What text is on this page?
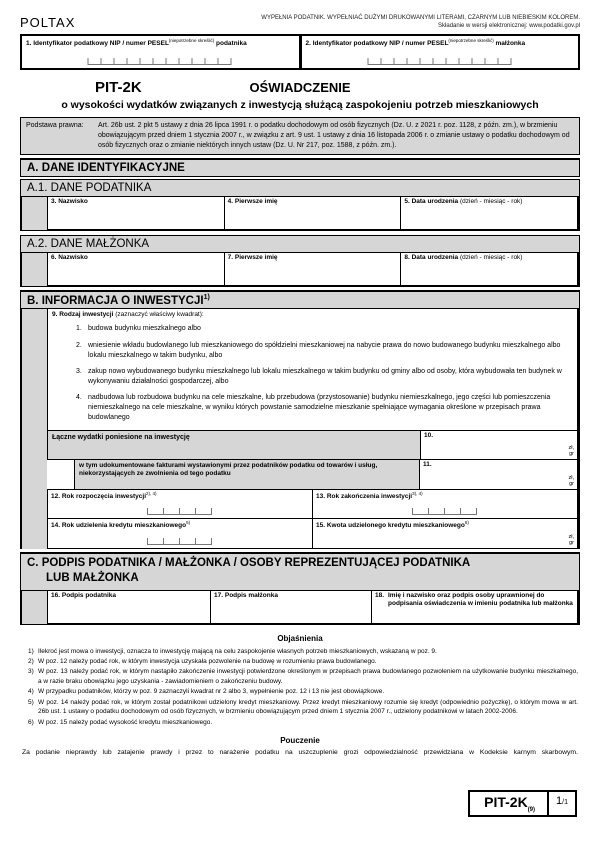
POLTAX	WYPEŁNIA PODATNIK. WYPEŁNIAĆ DUŻYMI DRUKOWANYMI LITERAMI, CZARNYM LUB NIEBIESKIM KOLOREM.
Składanie w wersji elektronicznej: www.podatki.gov.pl
1. Identyfikator podatkowy NIP / numer $PESEL^{(niepotrzebne skreślić)}$ podatnika	2. Identyfikator podatkowy NIP / numer $PESEL^{(niepotrzebne skreślić)}$ małżonka
PIT-2K	OŚWIADCZENIE
o wysokości wydatków związanych z inwestycją służącą zaspokojeniu potrzeb mieszkaniowych
Podstawa prawna:	Art. 26b ust. 2 pkt 5 ustawy z dnia 26 lipca 1991 r. o podatku dochodowym od osób fizycznych (Dz. U. z 2021 r. poz. 1128, z późn. zm.), w brzmieniu obowiązującym przed dniem 1 stycznia 2007 r., w związku z art. 9 ust. 1 ustawy z dnia 16 listopada 2006 r. o zmianie ustawy o podatku dochodowym od osób fizycznych oraz o zmianie niektórych innych ustaw (Dz. U. Nr 217, poz. 1588, z późn. zm.).
A. DANE IDENTYFIKACYJNE
A.1. DANE PODATNIKA
3. Nazwisko	4. Pierwsze imię	5. Data urodzenia (dzień - miesiąc - rok)
A.2. DANE MAŁŻONKA
6. Nazwisko	7. Pierwsze imię	8. Data urodzenia (dzień - miesiąc - rok)
B. INFORMACJA O INWESTYCJI$^{1)}$
9. Rodzaj inwestycji (zaznaczyć właściwy kwadrat):
1. budowa budynku mieszkalnego albo
2. wniesienie wkładu budowlanego lub mieszkaniowego do spółdzielni mieszkaniowej na nabycie prawa do nowo budowanego budynku mieszkalnego albo lokalu mieszkalnego w takim budynku, albo
3. zakup nowo wybudowanego budynku mieszkalnego lub lokalu mieszkalnego w takim budynku od gminy albo od osoby, która wybudowała ten budynek w wykonywaniu działalności gospodarczej, albo
4. nadbudowa lub rozbudowa budynku na cele mieszkalne, lub przebudowa (przystosowanie) budynku niemieszkalnego, jego części lub pomieszczenia niemieszkalnego na cele mieszkalne, w wyniku których powstanie samodzielne mieszkanie spełniające wymagania określone w przepisach prawa budowlanego
Łączne wydatki poniesione na inwestycję	10.
zł,
gr
w tym udokumentowane fakturami wystawionymi przez podatników podatku od towarów i usług, niekorzystających ze zwolnienia od tego podatku
11.
zł,
gr
12. Rok rozpoczęcia inwestycji$^{2), 4)}$	13. Rok zakończenia inwestycji$^{3), 4)}$
14. Rok udzielenia kredytu mieszkaniowego$^{5)}$	15. Kwota udzielonego kredytu mieszkaniowego$^{6)}$
zł,
gr
C. PODPIS PODATNIKA / MAŁŻONKA / OSOBY REPREZENTUJĄCEJ PODATNIKA
LUB MAŁŻONKA
16. Podpis podatnika	17. Podpis małżonka	18. Imię i nazwisko oraz podpis osoby uprawnionej do podpisania oświadczenia w imieniu podatnika lub małżonka
Objaśnienia
1) Ilekroć jest mowa o inwestycji, oznacza to inwestycję mającą na celu zaspokojenie własnych potrzeb mieszkaniowych, wskazaną w poz. 9.
2) W poz. 12 należy podać rok, w którym inwestycja uzyskała pozwolenie na budowę w rozumieniu prawa budowlanego.
3) W poz. 13 należy podać rok, w którym nastąpiło zakończenie inwestycji potwierdzone określonym w przepisach prawa budowlanego pozwoleniem na użytkowanie budynku mieszkalnego, a w razie braku obowiązku jego uzyskania - zawiadomieniem o zakończeniu budowy.
4) W przypadku podatników, którzy w poz. 9 zaznaczyli kwadrat nr 2 albo 3, wypełnienie poz. 12 i 13 nie jest obowiązkowe.
5) W poz. 14 należy podać rok, w którym został podatnikowi udzielony kredyt mieszkaniowy. Przez kredyt mieszkaniowy rozumie się kredyt (odpowiednio pożyczkę), o którym mowa w art. 26b ust. 1 ustawy o podatku dochodowym od osób fizycznych, w brzmieniu obowiązującym przed dniem 1 stycznia 2007 r., udzielony podatnikowi w latach 2002-2006.
6) W poz. 15 należy podać wysokość kredytu mieszkaniowego.
Pouczenie
Za podanie nieprawdy lub zatajenie prawdy i przez to narażenie podatku na uszczuplenie grozi odpowiedzialność przewidziana w Kodeksie karnym skarbowym.
PIT-$2K_{(9)}$
1/1
